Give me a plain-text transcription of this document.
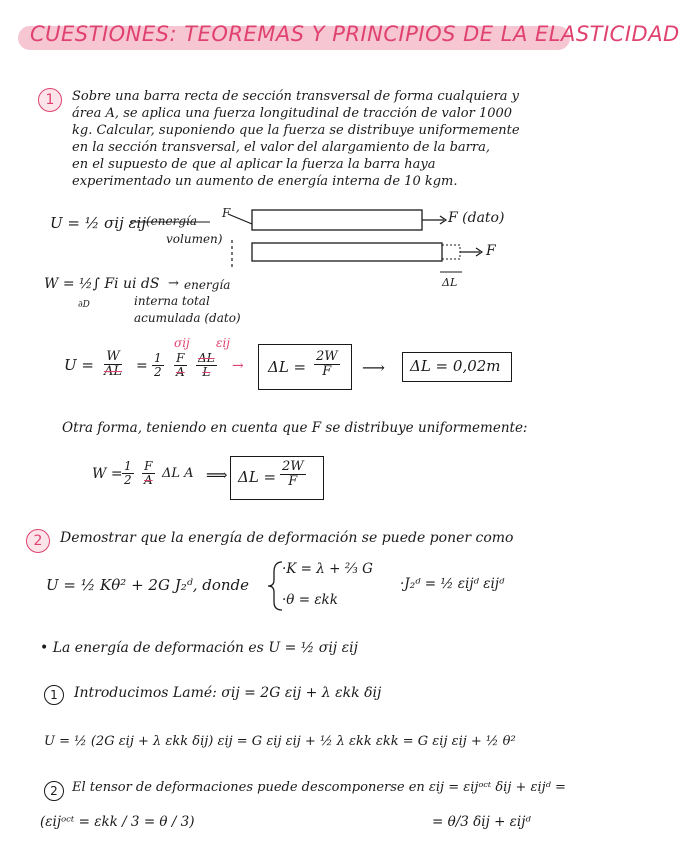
CUESTIONES: TEOREMAS Y PRINCIPIOS DE LA ELASTICIDAD
1 Sobre una barra recta de sección transversal de forma cualquiera y
área A, se aplica una fuerza longitudinal de tracción de valor 1000
kg. Calcular, suponiendo que la fuerza se distribuye uniformemente
en la sección transversal, el valor del alargamiento de la barra,
en el supuesto de que al aplicar la fuerza la barra haya
experimentado un aumento de energía interna de 10 kgm.
U = ½ σij εij (energía
volumen)
F	F (dato)
F
ΔL
W = ½∫ Fi ui dS
∂D
→ energía
interna total
acumulada (dato)
σij εij
$U = \frac{W}{AL} = \frac{1}{2} \frac{F}{A} \frac{\Delta L}{L} \to \Delta L = \frac{2W}{F}$ ⟶ ΔL = 0,02m
Otra forma, teniendo en cuenta que F se distribuye uniformemente:
$W = \frac{1}{2} \frac{F}{A}$ ΔL A ⟹ $\Delta L = \frac{2W}{F}$
2 Demostrar que la energía de deformación se puede poner como
U = ½ Kθ² + 2G J₂ᵈ, donde
·K = λ + ⅔ G
·θ = εkk
·J₂ᵈ = ½ εijᵈ εijᵈ
• La energía de deformación es U = ½ σij εij
1 Introducimos Lamé: σij = 2G εij + λ εkk δij
U = ½ (2G εij + λ εkk δij) εij = G εij εij + ½ λ εkk εkk = G εij εij + ½ θ²
2 El tensor de deformaciones puede descomponerse en εij = εijᵒᶜᵗ δij + εijᵈ =
(εijᵒᶜᵗ = εkk / 3 = θ / 3)	= θ/3 δij + εijᵈ
